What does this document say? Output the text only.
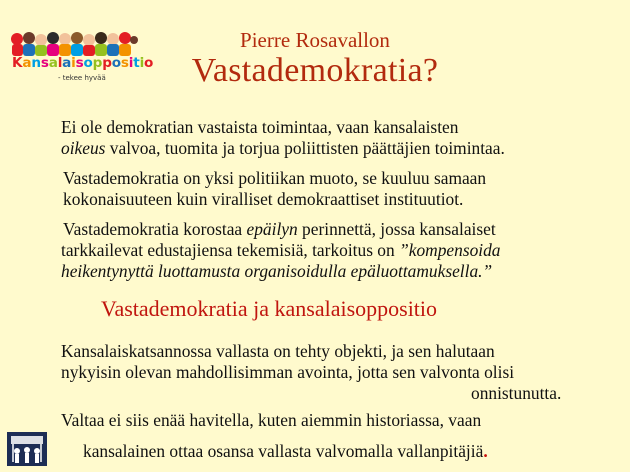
Kansalaisoppositio
- tekee hyvää
Pierre Rosavallon
Vastademokratia?
Ei ole demokratian vastaista toimintaa, vaan kansalaisten
oikeus valvoa, tuomita ja torjua poliittisten päättäjien toimintaa.
Vastademokratia on yksi politiikan muoto, se kuuluu samaan
kokonaisuuteen kuin viralliset demokraattiset instituutiot.
Vastademokratia korostaa epäilyn perinnettä, jossa kansalaiset
tarkkailevat edustajiensa tekemisiä, tarkoitus on ”kompensoida
heikentynyttä luottamusta organisoidulla epäluottamuksella.”
Vastademokratia ja kansalaisoppositio
Kansalaiskatsannossa vallasta on tehty objekti, ja sen halutaan
nykyisin olevan mahdollisimman avointa, jotta sen valvonta olisi
onnistunutta.
Valtaa ei siis enää havitella, kuten aiemmin historiassa, vaan
kansalainen ottaa osansa vallasta valvomalla vallanpitäjiä.
